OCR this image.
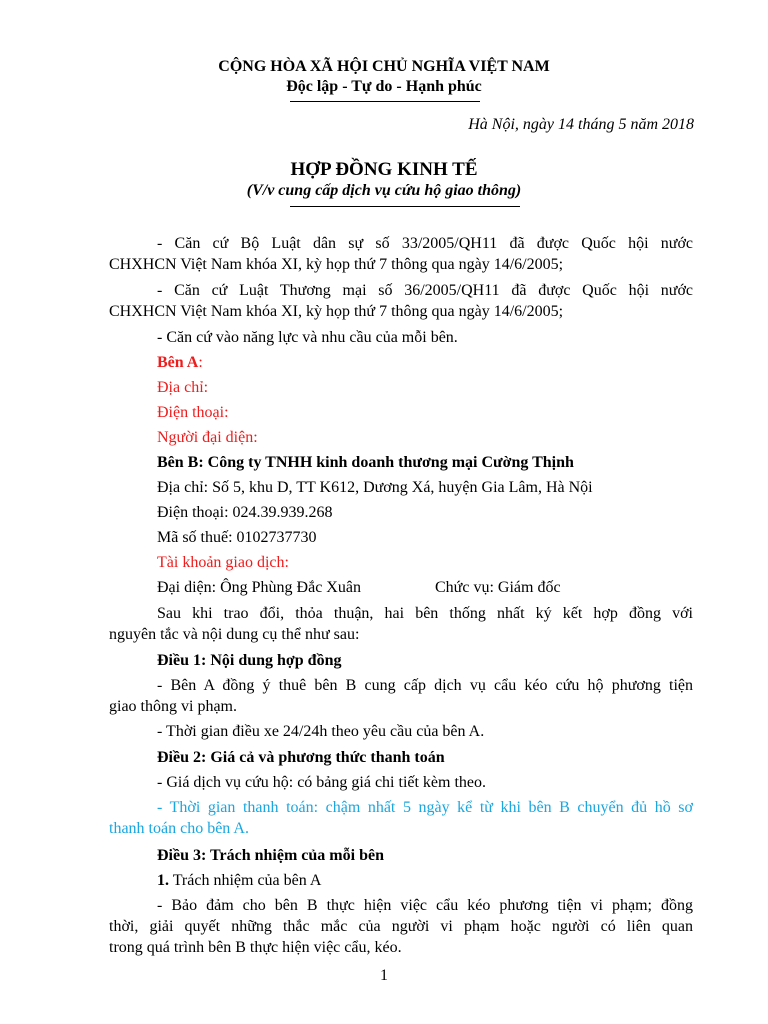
CỘNG HÒA XÃ HỘI CHỦ NGHĨA VIỆT NAM
Độc lập - Tự do - Hạnh phúc
Hà Nội, ngày 14 tháng 5 năm 2018
HỢP ĐỒNG KINH TẾ
(V/v cung cấp dịch vụ cứu hộ giao thông)
- Căn cứ Bộ Luật dân sự số 33/2005/QH11 đã được Quốc hội nước
CHXHCN Việt Nam khóa XI, kỳ họp thứ 7 thông qua ngày 14/6/2005;
- Căn cứ Luật Thương mại số 36/2005/QH11 đã được Quốc hội nước
CHXHCN Việt Nam khóa XI, kỳ họp thứ 7 thông qua ngày 14/6/2005;
- Căn cứ vào năng lực và nhu cầu của mỗi bên.
Bên A:
Địa chỉ:
Điện thoại:
Người đại diện:
Bên B: Công ty TNHH kinh doanh thương mại Cường Thịnh
Địa chỉ: Số 5, khu D, TT K612, Dương Xá, huyện Gia Lâm, Hà Nội
Điện thoại: 024.39.939.268
Mã số thuế: 0102737730
Tài khoản giao dịch:
Đại diện: Ông Phùng Đắc Xuân	Chức vụ: Giám đốc
Sau khi trao đổi, thỏa thuận, hai bên thống nhất ký kết hợp đồng với
nguyên tắc và nội dung cụ thể như sau:
Điều 1: Nội dung hợp đồng
- Bên A đồng ý thuê bên B cung cấp dịch vụ cẩu kéo cứu hộ phương tiện
giao thông vi phạm.
- Thời gian điều xe 24/24h theo yêu cầu của bên A.
Điều 2: Giá cả và phương thức thanh toán
- Giá dịch vụ cứu hộ: có bảng giá chi tiết kèm theo.
- Thời gian thanh toán: chậm nhất 5 ngày kể từ khi bên B chuyển đủ hồ sơ
thanh toán cho bên A.
Điều 3: Trách nhiệm của mỗi bên
1. Trách nhiệm của bên A
- Bảo đảm cho bên B thực hiện việc cẩu kéo phương tiện vi phạm; đồng
thời, giải quyết những thắc mắc của người vi phạm hoặc người có liên quan
trong quá trình bên B thực hiện việc cẩu, kéo.
1
